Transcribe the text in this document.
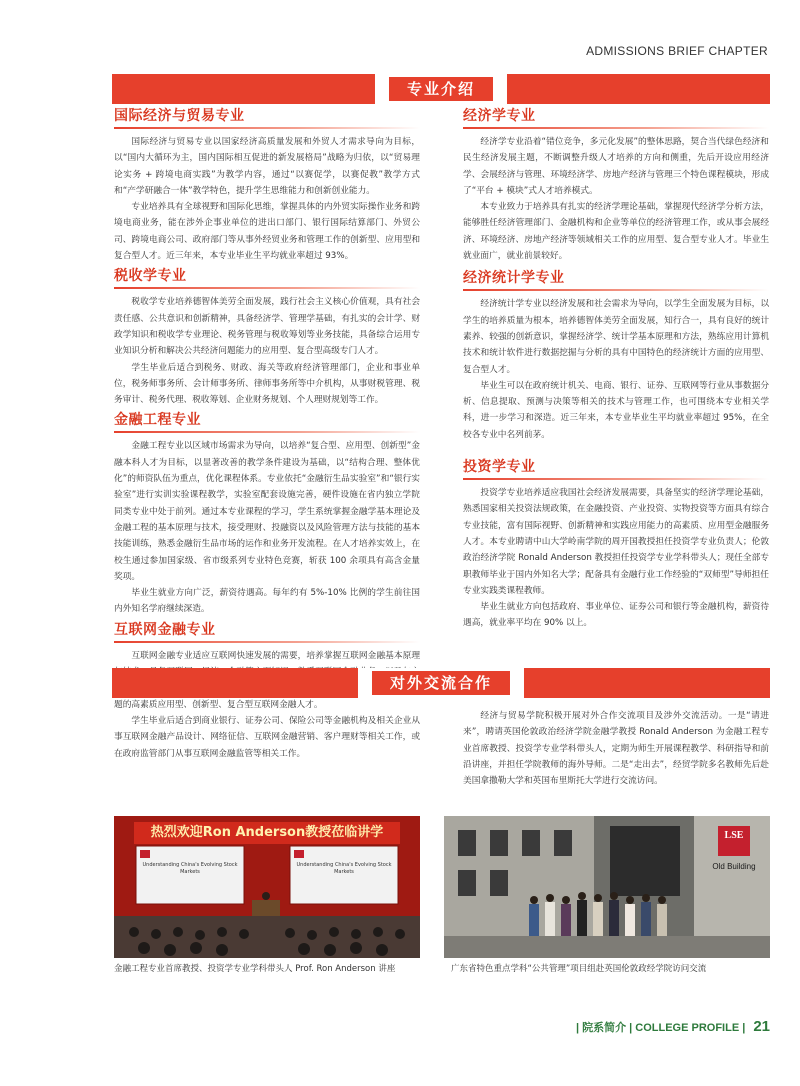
ADMISSIONS BRIEF CHAPTER
专业介绍
国际经济与贸易专业

国际经济与贸易专业以国家经济高质量发展和外贸人才需求导向为目标，以“国内大循环为主，国内国际相互促进的新发展格局”战略为归依，以“贸易理论实务 + 跨境电商实践”为教学内容，通过“以赛促学，以赛促教”教学方式和“产学研融合一体”教学特色，提升学生思维能力和创新创业能力。

专业培养具有全球视野和国际化思维，掌握具体的内外贸实际操作业务和跨境电商业务，能在涉外企事业单位的进出口部门、银行国际结算部门、外贸公司、跨境电商公司、政府部门等从事外经贸业务和管理工作的创新型、应用型和复合型人才。近三年来，本专业毕业生平均就业率超过 93%。

税收学专业

税收学专业培养德智体美劳全面发展，践行社会主义核心价值观，具有社会责任感、公共意识和创新精神，具备经济学、管理学基础，有扎实的会计学、财政学知识和税收学专业理论、税务管理与税收筹划等业务技能，具备综合运用专业知识分析和解决公共经济问题能力的应用型、复合型高级专门人才。

学生毕业后适合到税务、财政、海关等政府经济管理部门，企业和事业单位，税务师事务所、会计师事务所、律师事务所等中介机构，从事财税管理、税务审计、税务代理、税收筹划、企业财务规划、个人理财规划等工作。

金融工程专业

金融工程专业以区域市场需求为导向，以培养“复合型、应用型、创新型”金融本科人才为目标，以显著改善的教学条件建设为基础，以“结构合理、整体优化”的师资队伍为重点，优化课程体系。专业依托“金融衍生品实验室”和“银行实验室”进行实训实验课程教学，实验室配套设施完善，硬件设施在省内独立学院同类专业中处于前列。通过本专业课程的学习，学生系统掌握金融学基本理论及金融工程的基本原理与技术，接受理财、投融资以及风险管理方法与技能的基本技能训练，熟悉金融衍生品市场的运作和业务开发流程。在人才培养实效上，在校生通过参加国家级、省市级系列专业特色竞赛，斩获 100 余项具有高含金量奖项。

毕业生就业方向广泛，薪资待遇高。每年约有 5%-10% 比例的学生前往国内外知名学府继续深造。

互联网金融专业

互联网金融专业适应互联网快速发展的需要，培养掌握互联网金融基本原理 题的高素质应用型、创新型、复合型互联网金融人才。

学生毕业后适合到商业银行、证券公司、保险公司等金融机构及相关企业从事互联网金融产品设计、网络征信、互联网金融营销、客户理财等相关工作，或在政府监管部门从事互联网金融监管等相关工作。

经济学专业

经济学专业沿着“错位竞争，多元化发展”的整体思路，契合当代绿色经济和民生经济发展主题，不断调整升级人才培养的方向和侧重，先后开设应用经济学、会展经济与管理、环境经济学、房地产经济与管理三个特色课程模块，形成了“平台 + 模块”式人才培养模式。

本专业致力于培养具有扎实的经济学理论基础，掌握现代经济学分析方法，能够胜任经济管理部门、金融机构和企业等单位的经济管理工作，或从事会展经济、环境经济、房地产经济等领域相关工作的应用型、复合型专业人才。毕业生就业面广，就业前景较好。

经济统计学专业

经济统计学专业以经济发展和社会需求为导向，以学生全面发展为目标，以学生的培养质量为根本，培养德智体美劳全面发展，知行合一，具有良好的统计素养、较强的创新意识，掌握经济学、统计学基本原理和方法，熟练应用计算机技术和统计软件进行数据挖掘与分析的具有中国特色的经济统计方面的应用型、复合型人才。

毕业生可以在政府统计机关、电商、银行、证券、互联网等行业从事数据分析、信息提取、预测与决策等相关的技术与管理工作，也可围绕本专业相关学科，进一步学习和深造。近三年来，本专业毕业生平均就业率超过 95%，在全校各专业中名列前茅。

投资学专业

投资学专业培养适应我国社会经济发展需要，具备坚实的经济学理论基础，熟悉国家相关投资法规政策，在金融投资、产业投资、实物投资等方面具有综合专业技能，富有国际视野、创新精神和实践应用能力的高素质、应用型金融服务人才。本专业聘请中山大学岭南学院的周开国教授担任投资学专业负责人；伦敦政治经济学院 Ronald Anderson 教授担任投资学专业学科带头人；现任全部专职教师毕业于国内外知名大学；配备具有金融行业工作经验的“双师型”导师担任专业实践类课程教师。

毕业生就业方向包括政府、事业单位、证券公司和银行等金融机构，薪资待遇高，就业率平均在 90% 以上。

对外交流合作

经济与贸易学院积极开展对外合作交流项目及涉外交流活动。一是“请进来”，聘请英国伦敦政治经济学院金融学教授 Ronald Anderson 为金融工程专业首席教授、投资学专业学科带头人，定期为师生开展课程教学、科研指导和前沿讲座，并担任学院教师的海外导师。二是“走出去”，经贸学院多名教师先后赴美国拿撒勒大学和英国布里斯托大学进行交流访问。

热烈欢迎Ron Anderson教授莅临讲学
Understanding China's Evolving Stock Markets
Understanding China's Evolving Stock Markets
金融工程专业首席教授、投资学专业学科带头人 Prof. Ron Anderson 讲座
LSE
Old Building
广东省特色重点学科“公共管理”项目组赴英国伦敦政经学院访问交流
| 院系简介 | COLLEGE PROFILE | 21
